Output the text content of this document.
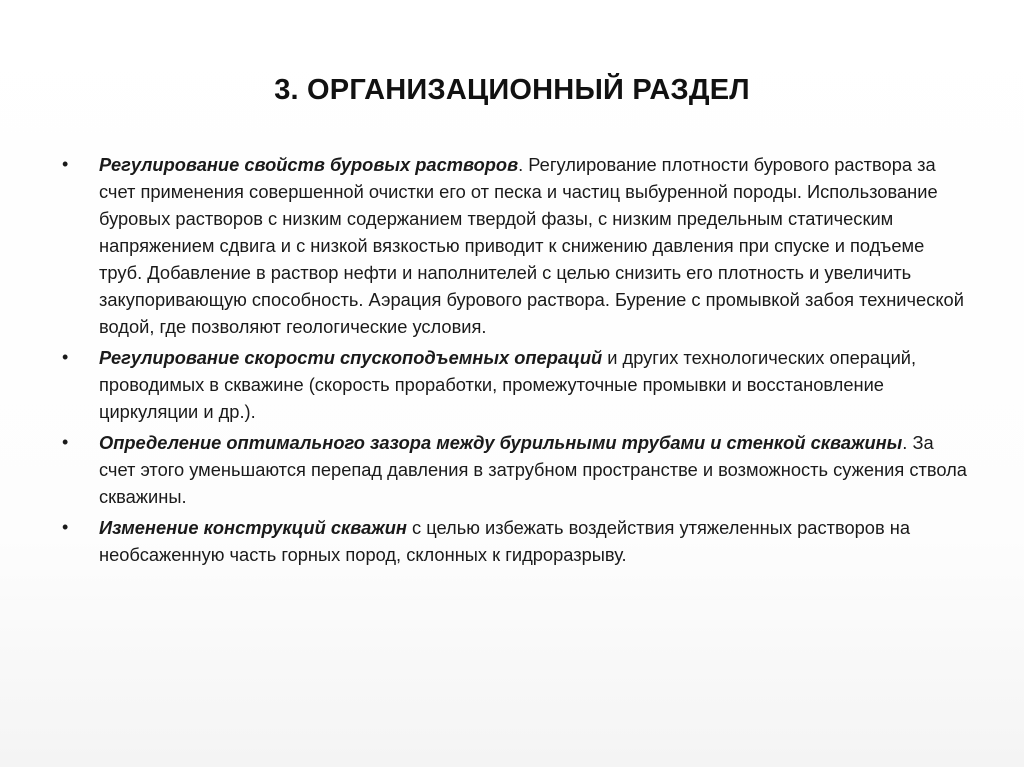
3. ОРГАНИЗАЦИОННЫЙ РАЗДЕЛ
• Регулирование свойств буровых растворов. Регулирование плотности бурового раствора за счет применения совершенной очистки его от песка и частиц выбуренной породы. Использование буровых растворов с низким содержанием твердой фазы, с низким предельным статическим напряжением сдвига и с низкой вязкостью приводит к снижению давления при спуске и подъеме труб. Добавление в раствор нефти и наполнителей с целью снизить его плотность и увеличить закупоривающую способность. Аэрация бурового раствора. Бурение с промывкой забоя технической водой, где позволяют геологические условия.
• Регулирование скорости спускоподъемных операций и других технологических операций, проводимых в скважине (скорость проработки, промежуточные промывки и восстановление циркуляции и др.).
• Определение оптимального зазора между бурильными трубами и стенкой скважины. За счет этого уменьшаются перепад давления в затрубном пространстве и возможность сужения ствола скважины.
• Изменение конструкций скважин с целью избежать воздействия утяжеленных растворов на необсаженную часть горных пород, склонных к гидроразрыву.
